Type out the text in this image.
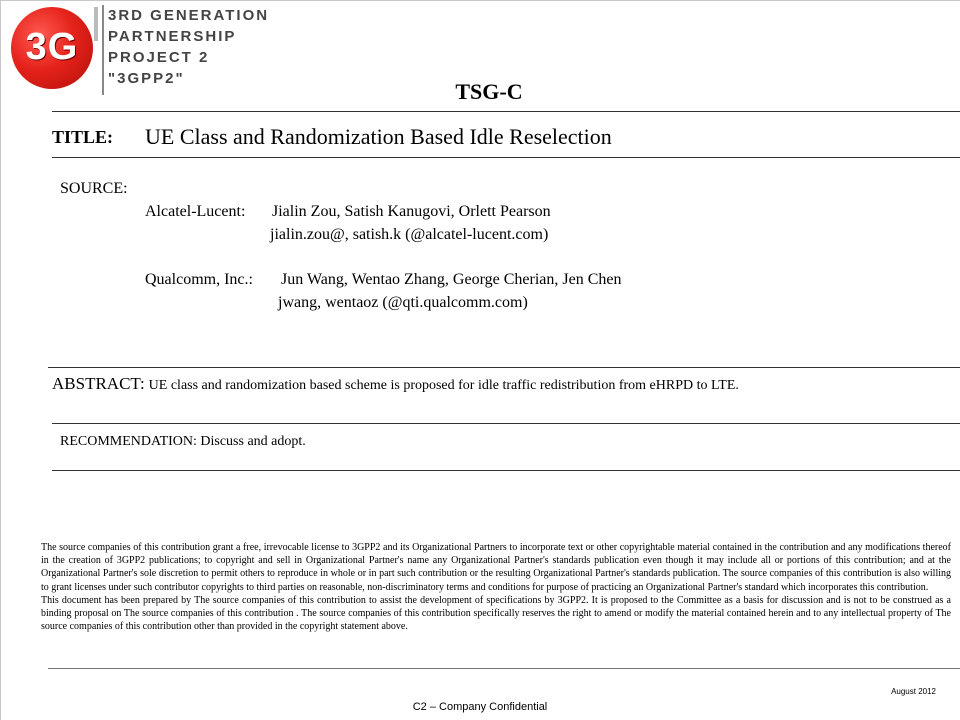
3G
3RD GENERATION
PARTNERSHIP
PROJECT 2
"3GPP2"
TSG-C
TITLE: UE Class and Randomization Based Idle Reselection
SOURCE:
Alcatel-Lucent: Jialin Zou, Satish Kanugovi, Orlett Pearson
jialin.zou@, satish.k (@alcatel-lucent.com)
Qualcomm, Inc.: Jun Wang, Wentao Zhang, George Cherian, Jen Chen
jwang, wentaoz (@qti.qualcomm.com)
ABSTRACT: UE class and randomization based scheme is proposed for idle traffic redistribution from eHRPD to LTE.
RECOMMENDATION: Discuss and adopt.

The source companies of this contribution grant a free, irrevocable license to 3GPP2 and its Organizational Partners to incorporate text or other copyrightable material contained in the contribution and any modifications thereof in the creation of 3GPP2 publications; to copyright and sell in Organizational Partner's name any Organizational Partner's standards publication even though it may include all or portions of this contribution; and at the Organizational Partner's sole discretion to permit others to reproduce in whole or in part such contribution or the resulting Organizational Partner's standards publication. The source companies of this contribution is also willing to grant licenses under such contributor copyrights to third parties on reasonable, non-discriminatory terms and conditions for purpose of practicing an Organizational Partner's standard which incorporates this contribution.

This document has been prepared by The source companies of this contribution to assist the development of specifications by 3GPP2. It is proposed to the Committee as a basis for discussion and is not to be construed as a binding proposal on The source companies of this contribution . The source companies of this contribution specifically reserves the right to amend or modify the material contained herein and to any intellectual property of The source companies of this contribution other than provided in the copyright statement above.

August 2012
C2 – Company Confidential
